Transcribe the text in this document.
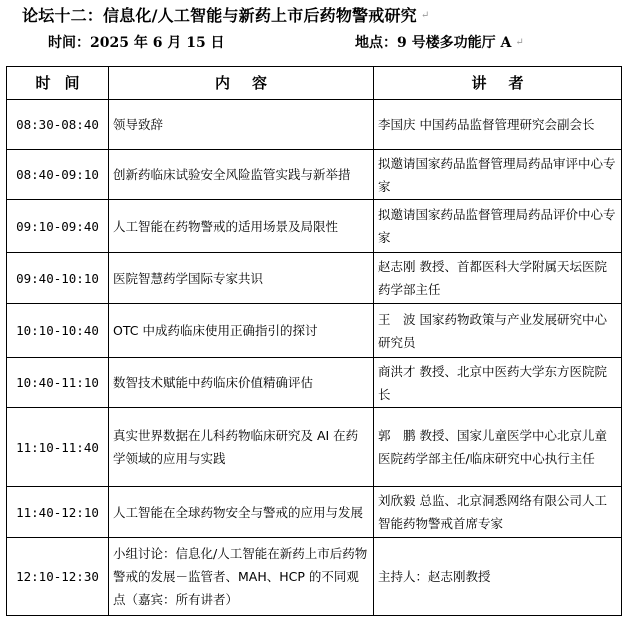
论坛十二：信息化/人工智能与新药上市后药物警戒研究 ↵
时间：2025 年 6 月 15 日	地点：9 号楼多功能厅 A ↵
时间	内容	讲者
08:30-08:40	领导致辞	李国庆 中国药品监督管理研究会副会长
08:40-09:10	创新药临床试验安全风险监管实践与新举措	拟邀请国家药品监督管理局药品审评中心专家
09:10-09:40	人工智能在药物警戒的适用场景及局限性	拟邀请国家药品监督管理局药品评价中心专家
09:40-10:10	医院智慧药学国际专家共识	赵志刚 教授、首都医科大学附属天坛医院药学部主任
10:10-10:40	OTC 中成药临床使用正确指引的探讨	王　波 国家药物政策与产业发展研究中心研究员
10:40-11:10	数智技术赋能中药临床价值精确评估	商洪才 教授、北京中医药大学东方医院院长
11:10-11:40	真实世界数据在儿科药物临床研究及 AI 在药学领域的应用与实践	郭　鹏 教授、国家儿童医学中心北京儿童医院药学部主任/临床研究中心执行主任
11:40-12:10	人工智能在全球药物安全与警戒的应用与发展	刘欣毅 总监、北京洞悉网络有限公司人工智能药物警戒首席专家
12:10-12:30	小组讨论：信息化/人工智能在新药上市后药物警戒的发展－监管者、MAH、HCP 的不同观点（嘉宾：所有讲者）	主持人：赵志刚教授
